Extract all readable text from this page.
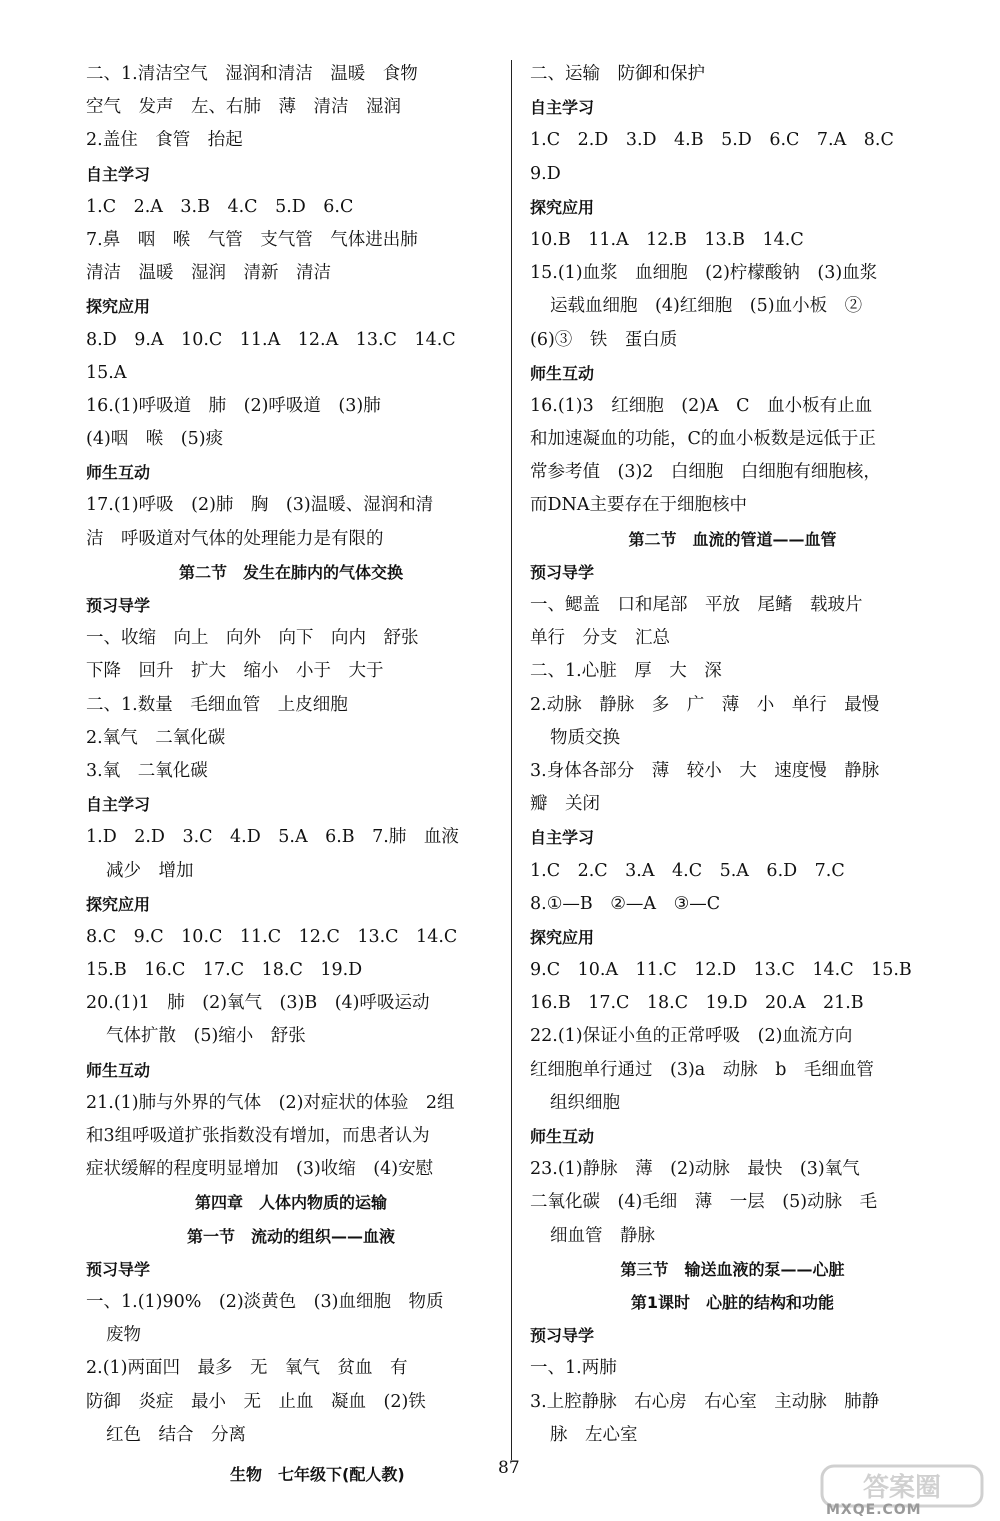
二、1.清洁空气　湿润和清洁　温暖　食物
空气　发声　左、右肺　薄　清洁　湿润
2.盖住　食管　抬起
自主学习
1.C　2.A　3.B　4.C　5.D　6.C
7.鼻　咽　喉　气管　支气管　气体进出肺
清洁　温暖　湿润　清新　清洁
探究应用
8.D　9.A　10.C　11.A　12.A　13.C　14.C
15.A
16.(1)呼吸道　肺　(2)呼吸道　(3)肺
(4)咽　喉　(5)痰
师生互动
17.(1)呼吸　(2)肺　胸　(3)温暖、湿润和清
洁　呼吸道对气体的处理能力是有限的
第二节　发生在肺内的气体交换
预习导学
一、收缩　向上　向外　向下　向内　舒张
下降　回升　扩大　缩小　小于　大于
二、1.数量　毛细血管　上皮细胞
2.氧气　二氧化碳
3.氧　二氧化碳
自主学习
1.D　2.D　3.C　4.D　5.A　6.B　7.肺　血液
减少　增加
探究应用
8.C　9.C　10.C　11.C　12.C　13.C　14.C
15.B　16.C　17.C　18.C　19.D
20.(1)1　肺　(2)氧气　(3)B　(4)呼吸运动
气体扩散　(5)缩小　舒张
师生互动
21.(1)肺与外界的气体　(2)对症状的体验　2组
和3组呼吸道扩张指数没有增加，而患者认为
症状缓解的程度明显增加　(3)收缩　(4)安慰
第四章　人体内物质的运输
第一节　流动的组织——血液
预习导学
一、1.(1)90%　(2)淡黄色　(3)血细胞　物质
废物
2.(1)两面凹　最多　无　氧气　贫血　有
防御　炎症　最小　无　止血　凝血　(2)铁
红色　结合　分离
二、运输　防御和保护
自主学习
1.C　2.D　3.D　4.B　5.D　6.C　7.A　8.C
9.D
探究应用
10.B　11.A　12.B　13.B　14.C
15.(1)血浆　血细胞　(2)柠檬酸钠　(3)血浆
运载血细胞　(4)红细胞　(5)血小板　②
(6)③　铁　蛋白质
师生互动
16.(1)3　红细胞　(2)A　C　血小板有止血
和加速凝血的功能，C的血小板数是远低于正
常参考值　(3)2　白细胞　白细胞有细胞核，
而DNA主要存在于细胞核中
第二节　血流的管道——血管
预习导学
一、鳃盖　口和尾部　平放　尾鳍　载玻片
单行　分支　汇总
二、1.心脏　厚　大　深
2.动脉　静脉　多　广　薄　小　单行　最慢
物质交换
3.身体各部分　薄　较小　大　速度慢　静脉
瓣　关闭
自主学习
1.C　2.C　3.A　4.C　5.A　6.D　7.C
8.①—B　②—A　③—C
探究应用
9.C　10.A　11.C　12.D　13.C　14.C　15.B
16.B　17.C　18.C　19.D　20.A　21.B
22.(1)保证小鱼的正常呼吸　(2)血流方向
红细胞单行通过　(3)a　动脉　b　毛细血管
组织细胞
师生互动
23.(1)静脉　薄　(2)动脉　最快　(3)氧气
二氧化碳　(4)毛细　薄　一层　(5)动脉　毛
细血管　静脉
第三节　输送血液的泵——心脏
第1课时　心脏的结构和功能
预习导学
一、1.两肺
3.上腔静脉　右心房　右心室　主动脉　肺静
脉　左心室
生物　七年级下(配人教)	87
答案圈
MXQE.COM
